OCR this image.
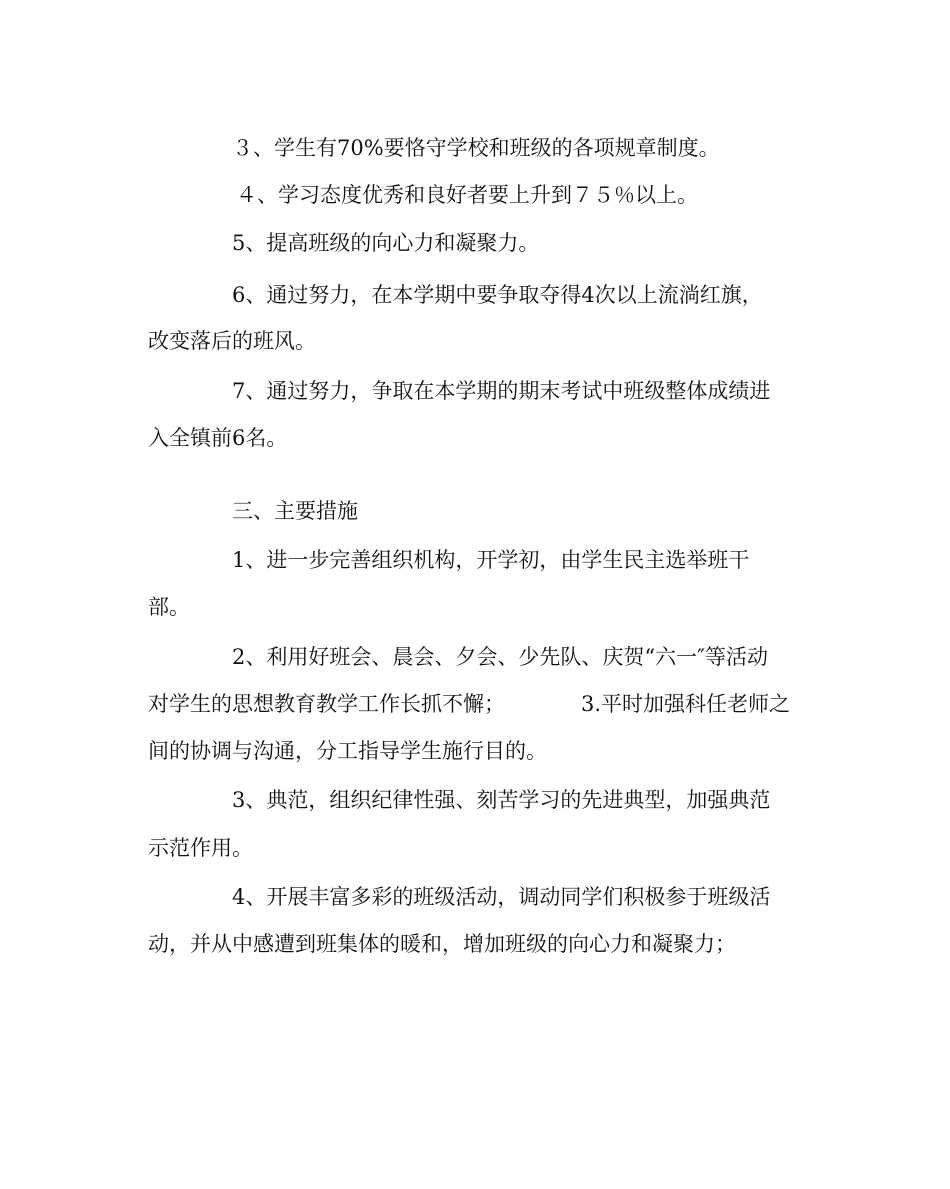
３、学生有70%要恪守学校和班级的各项规章制度。
４、学习态度优秀和良好者要上升到７５％以上。
5、提高班级的向心力和凝聚力。
6、通过努力，在本学期中要争取夺得4次以上流淌红旗，
改变落后的班风。
7、通过努力，争取在本学期的期末考试中班级整体成绩进
入全镇前6名。
三、主要措施
1、进一步完善组织机构，开学初，由学生民主选举班干
部。
2、利用好班会、晨会、夕会、少先队、庆贺“六一″等活动
对学生的思想教育教学工作长抓不懈；	3.平时加强科任老师之
间的协调与沟通，分工指导学生施行目的。
3、典范，组织纪律性强、刻苦学习的先进典型，加强典范
示范作用。
4、开展丰富多彩的班级活动，调动同学们积极参于班级活
动，并从中感遭到班集体的暖和，增加班级的向心力和凝聚力；
